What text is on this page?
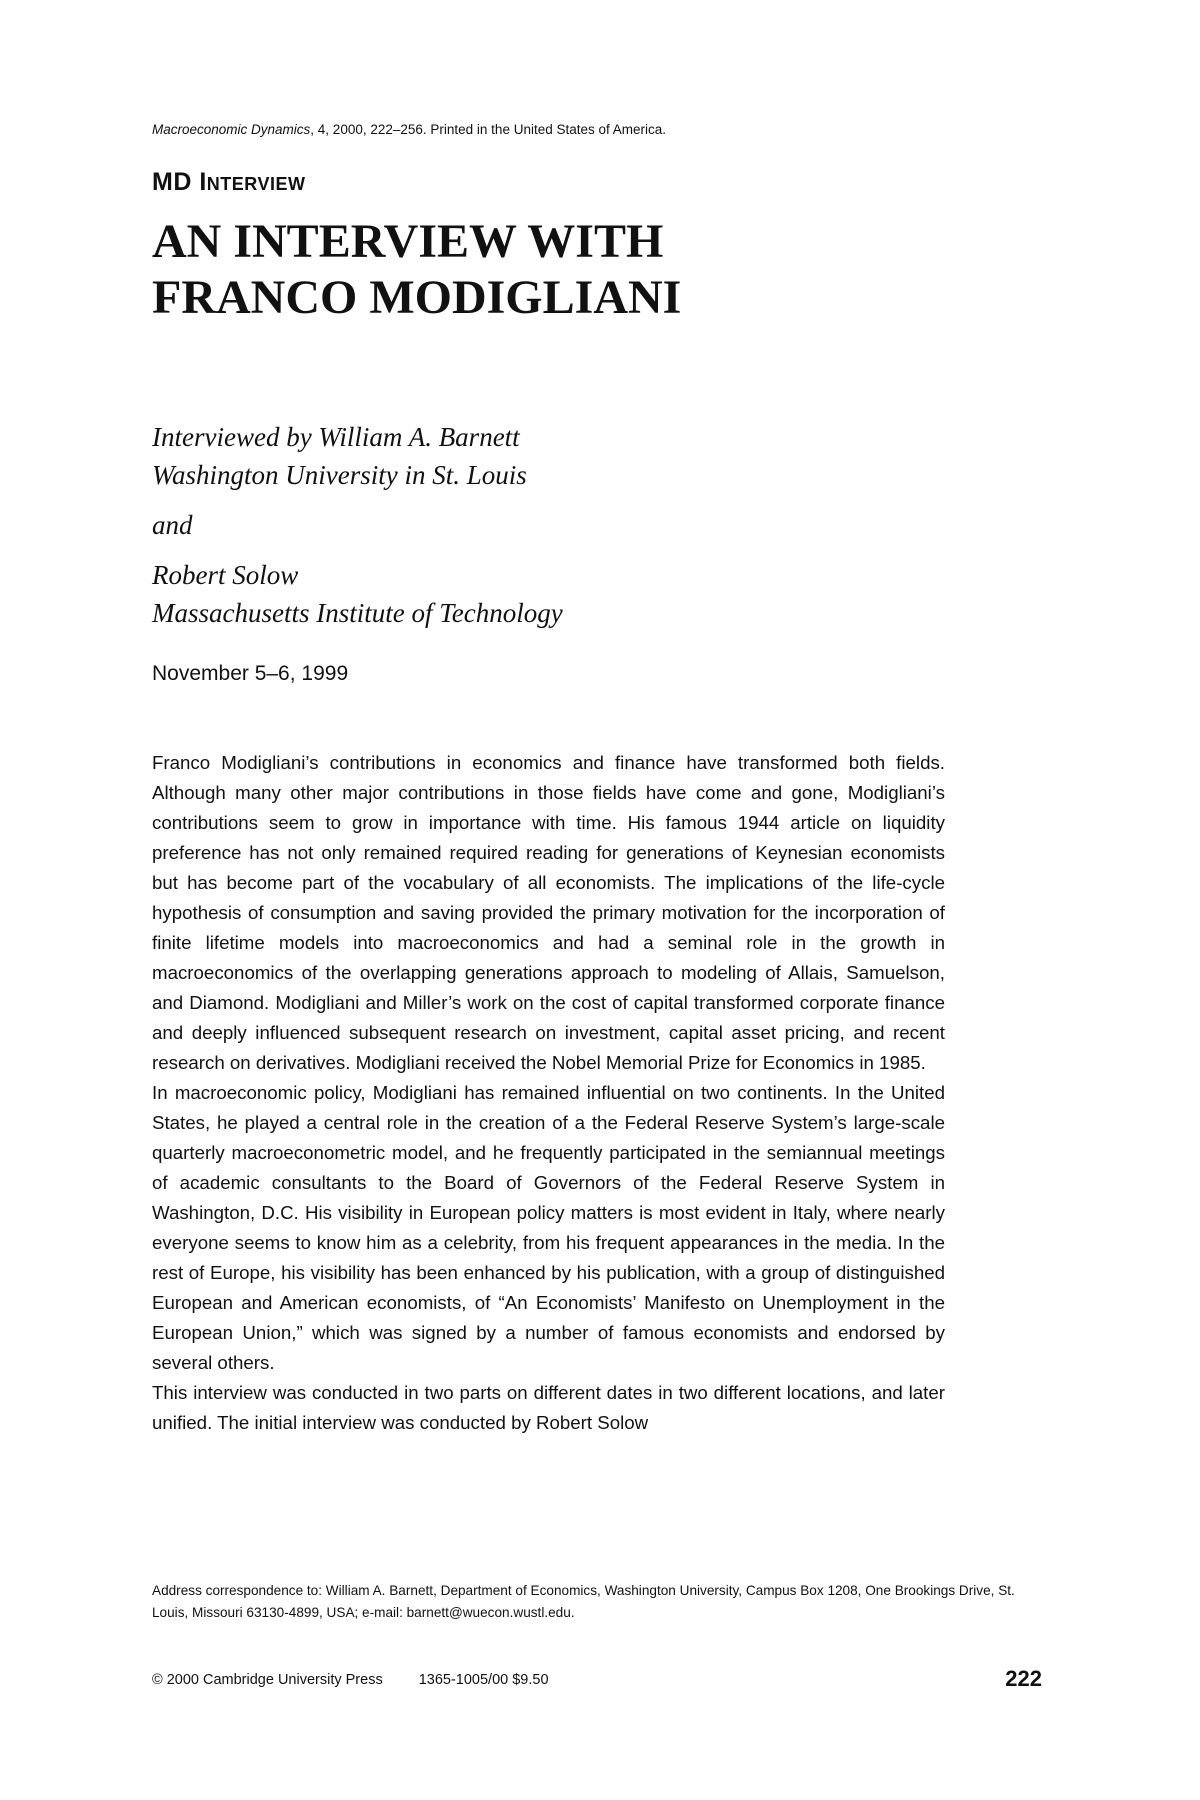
Macroeconomic Dynamics, 4, 2000, 222–256. Printed in the United States of America.
MD INTERVIEW
AN INTERVIEW WITH
FRANCO MODIGLIANI
Interviewed by William A. Barnett
Washington University in St. Louis
and
Robert Solow
Massachusetts Institute of Technology
November 5–6, 1999

Franco Modigliani’s contributions in economics and finance have transformed both fields. Although many other major contributions in those fields have come and gone, Modigliani’s contributions seem to grow in importance with time. His famous 1944 article on liquidity preference has not only remained required reading for generations of Keynesian economists but has become part of the vocabulary of all economists. The implications of the life-cycle hypothesis of consumption and saving provided the primary motivation for the incorporation of finite lifetime models into macroeconomics and had a seminal role in the growth in macroeconomics of the overlapping generations approach to modeling of Allais, Samuelson, and Diamond. Modigliani and Miller’s work on the cost of capital transformed corporate finance and deeply influenced subsequent research on investment, capital asset pricing, and recent research on derivatives. Modigliani received the Nobel Memorial Prize for Economics in 1985.

In macroeconomic policy, Modigliani has remained influential on two continents. In the United States, he played a central role in the creation of a the Federal Reserve System’s large-scale quarterly macroeconometric model, and he frequently participated in the semiannual meetings of academic consultants to the Board of Governors of the Federal Reserve System in Washington, D.C. His visibility in European policy matters is most evident in Italy, where nearly everyone seems to know him as a celebrity, from his frequent appearances in the media. In the rest of Europe, his visibility has been enhanced by his publication, with a group of distinguished European and American economists, of “An Economists’ Manifesto on Unemployment in the European Union,” which was signed by a number of famous economists and endorsed by several others.

This interview was conducted in two parts on different dates in two different locations, and later unified. The initial interview was conducted by Robert Solow

Address correspondence to: William A. Barnett, Department of Economics, Washington University, Campus Box 1208, One Brookings Drive, St. Louis, Missouri 63130-4899, USA; e-mail: barnett@wuecon.wustl.edu.
© 2000 Cambridge University Press 1365-1005/00 $9.50	222
